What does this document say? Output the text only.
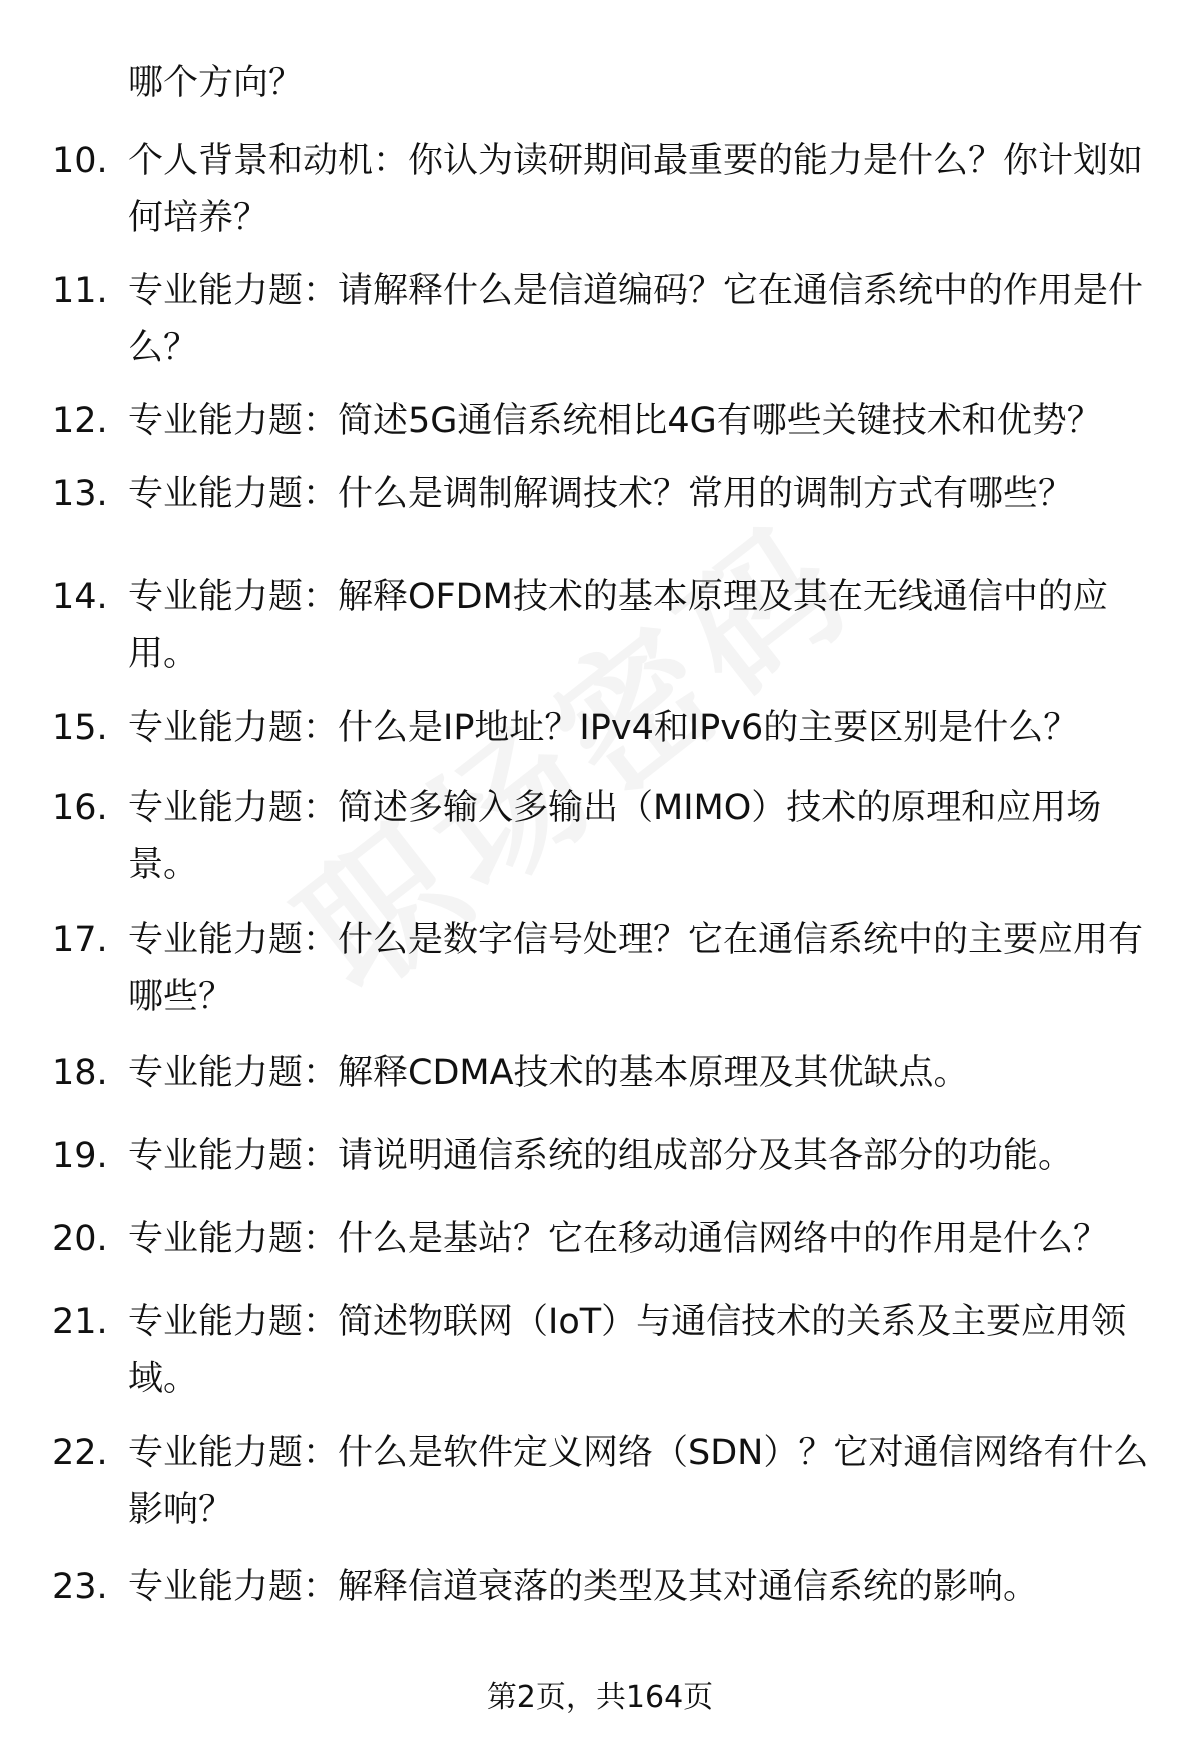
哪个方向？
10. 个人背景和动机：你认为读研期间最重要的能力是什么？你计划如何培养？
11. 专业能力题：请解释什么是信道编码？它在通信系统中的作用是什么？
12. 专业能力题：简述5G通信系统相比4G有哪些关键技术和优势？
13. 专业能力题：什么是调制解调技术？常用的调制方式有哪些？
14. 专业能力题：解释OFDM技术的基本原理及其在无线通信中的应用。
15. 专业能力题：什么是IP地址？IPv4和IPv6的主要区别是什么？
16. 专业能力题：简述多输入多输出（MIMO）技术的原理和应用场景。
17. 专业能力题：什么是数字信号处理？它在通信系统中的主要应用有哪些？
18. 专业能力题：解释CDMA技术的基本原理及其优缺点。
19. 专业能力题：请说明通信系统的组成部分及其各部分的功能。
20. 专业能力题：什么是基站？它在移动通信网络中的作用是什么？
21. 专业能力题：简述物联网（IoT）与通信技术的关系及主要应用领域。
22. 专业能力题：什么是软件定义网络（SDN）？它对通信网络有什么影响？
23. 专业能力题：解释信道衰落的类型及其对通信系统的影响。
第2页，共164页
